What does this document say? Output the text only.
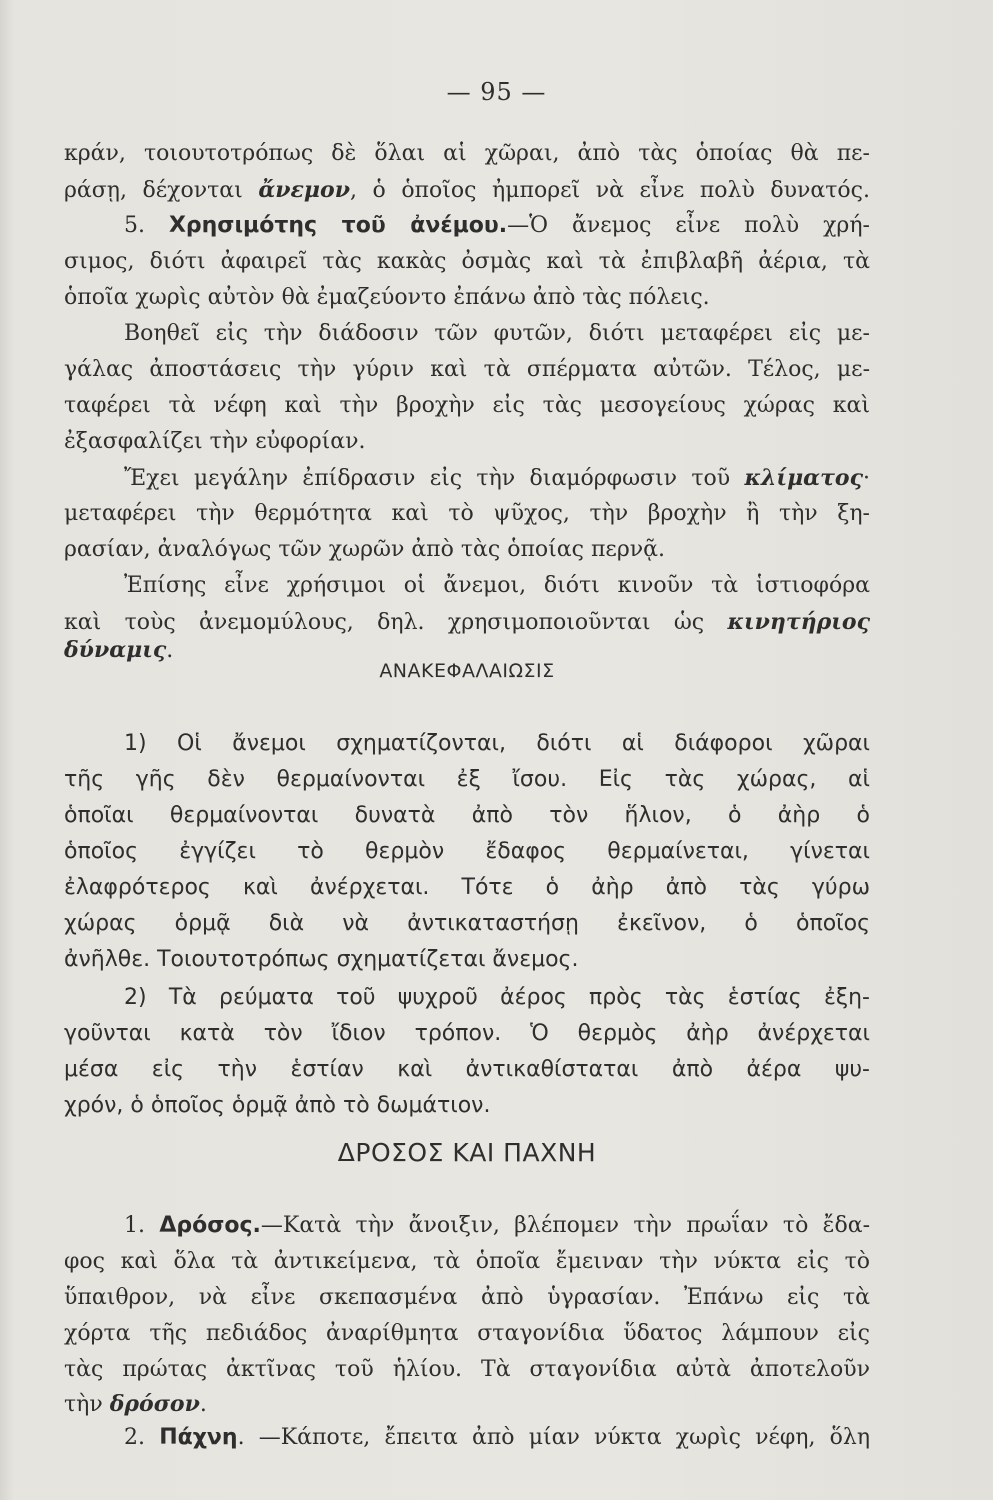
— 95 —
κράν, τοιουτοτρόπως δὲ ὅλαι αἱ χῶραι, ἀπὸ τὰς ὁποίας θὰ πε-
ράσῃ, δέχονται ἄνεμον, ὁ ὁποῖος ἠμπορεῖ νὰ εἶνε πολὺ δυνατός.
5. Χρησιμότης τοῦ ἀνέμου.—Ὁ ἄνεμος εἶνε πολὺ χρή-
σιμος, διότι ἀφαιρεῖ τὰς κακὰς ὀσμὰς καὶ τὰ ἐπιβλαβῆ ἀέρια, τὰ
ὁποῖα χωρὶς αὐτὸν θὰ ἐμαζεύοντο ἐπάνω ἀπὸ τὰς πόλεις.
Βοηθεῖ εἰς τὴν διάδοσιν τῶν φυτῶν, διότι μεταφέρει εἰς με-
γάλας ἀποστάσεις τὴν γύριν καὶ τὰ σπέρματα αὐτῶν. Τέλος, με-
ταφέρει τὰ νέφη καὶ τὴν βροχὴν εἰς τὰς μεσογείους χώρας καὶ
ἐξασφαλίζει τὴν εὐφορίαν.
Ἔχει μεγάλην ἐπίδρασιν εἰς τὴν διαμόρφωσιν τοῦ κλίματος·
μεταφέρει τὴν θερμότητα καὶ τὸ ψῦχος, τὴν βροχὴν ἢ τὴν ξη-
ρασίαν, ἀναλόγως τῶν χωρῶν ἀπὸ τὰς ὁποίας περνᾷ.
Ἐπίσης εἶνε χρήσιμοι οἱ ἄνεμοι, διότι κινοῦν τὰ ἱστιοφόρα
καὶ τοὺς ἀνεμομύλους, δηλ. χρησιμοποιοῦνται ὡς κινητήριος
δύναμις.
ΑΝΑΚΕΦΑΛΑΙΩΣΙΣ
1) Οἱ ἄνεμοι σχηματίζονται, διότι αἱ διάφοροι χῶραι
τῆς γῆς δὲν θερμαίνονται ἐξ ἴσου. Εἰς τὰς χώρας, αἱ
ὁποῖαι θερμαίνονται δυνατὰ ἀπὸ τὸν ἥλιον, ὁ ἀὴρ ὁ
ὁποῖος ἐγγίζει τὸ θερμὸν ἔδαφος θερμαίνεται, γίνεται
ἐλαφρότερος καὶ ἀνέρχεται. Τότε ὁ ἀὴρ ἀπὸ τὰς γύρω
χώρας ὁρμᾷ διὰ νὰ ἀντικαταστήσῃ ἐκεῖνον, ὁ ὁποῖος
ἀνῆλθε. Τοιουτοτρόπως σχηματίζεται ἄνεμος.
2) Τὰ ρεύματα τοῦ ψυχροῦ ἀέρος πρὸς τὰς ἑστίας ἐξη-
γοῦνται κατὰ τὸν ἴδιον τρόπον. Ὁ θερμὸς ἀὴρ ἀνέρχεται
μέσα εἰς τὴν ἑστίαν καὶ ἀντικαθίσταται ἀπὸ ἀέρα ψυ-
χρόν, ὁ ὁποῖος ὁρμᾷ ἀπὸ τὸ δωμάτιον.
ΔΡΟΣΟΣ ΚΑΙ ΠΑΧΝΗ
1. Δρόσος.—Κατὰ τὴν ἄνοιξιν, βλέπομεν τὴν πρωΐαν τὸ ἔδα-
φος καὶ ὅλα τὰ ἀντικείμενα, τὰ ὁποῖα ἔμειναν τὴν νύκτα εἰς τὸ
ὕπαιθρον, νὰ εἶνε σκεπασμένα ἀπὸ ὑγρασίαν. Ἐπάνω εἰς τὰ
χόρτα τῆς πεδιάδος ἀναρίθμητα σταγονίδια ὕδατος λάμπουν εἰς
τὰς πρώτας ἀκτῖνας τοῦ ἡλίου. Τὰ σταγονίδια αὐτὰ ἀποτελοῦν
τὴν δρόσον.
2. Πάχνη. —Κάποτε, ἔπειτα ἀπὸ μίαν νύκτα χωρὶς νέφη, ὅλη
